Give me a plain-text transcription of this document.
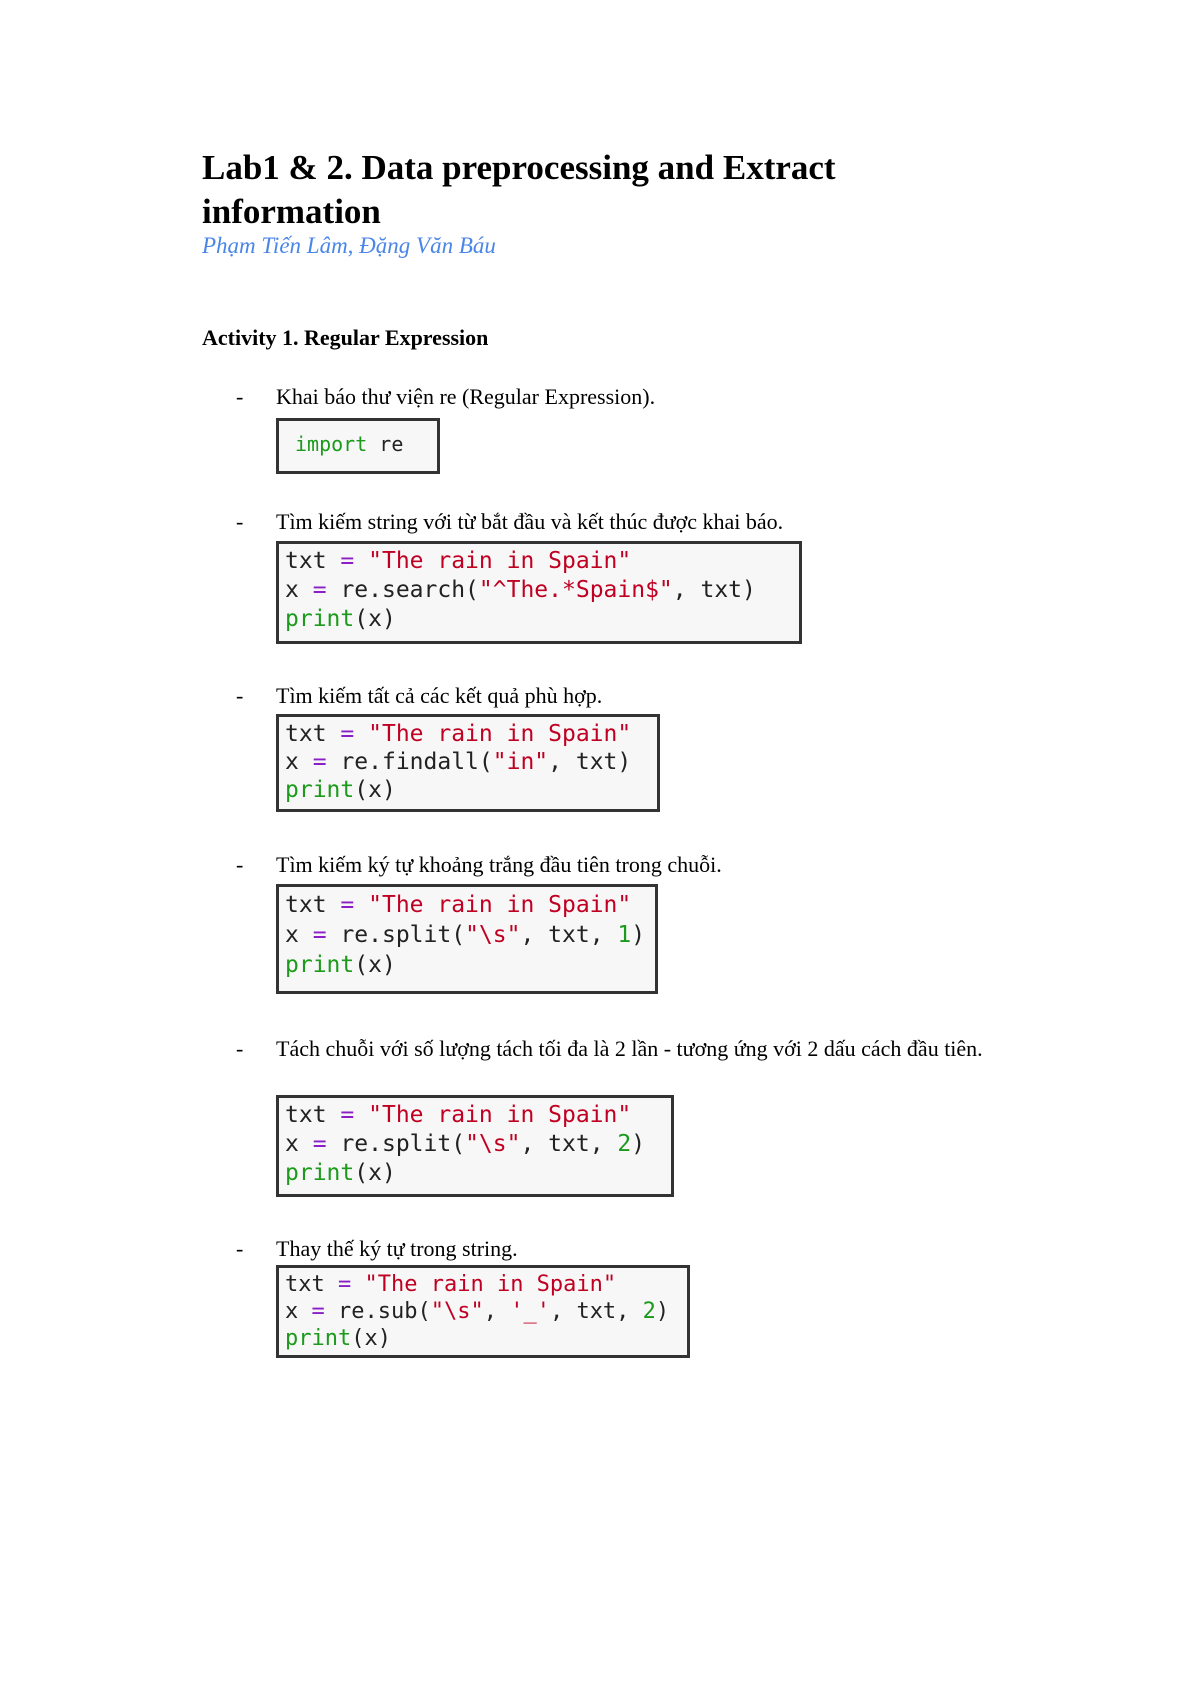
Lab1 & 2. Data preprocessing and Extract information
Phạm Tiến Lâm, Đặng Văn Báu
Activity 1. Regular Expression
- Khai báo thư viện re (Regular Expression).
import re
- Tìm kiếm string với từ bắt đầu và kết thúc được khai báo.
txt = "The rain in Spain"
x = re.search("^The.*Spain$", txt)
print(x)
- Tìm kiếm tất cả các kết quả phù hợp.
txt = "The rain in Spain"
x = re.findall("in", txt)
print(x)
- Tìm kiếm ký tự khoảng trắng đầu tiên trong chuỗi.
txt = "The rain in Spain"
x = re.split("\s", txt, 1)
print(x)
- Tách chuỗi với số lượng tách tối đa là 2 lần - tương ứng với 2 dấu cách đầu tiên.
txt = "The rain in Spain"
x = re.split("\s", txt, 2)
print(x)
- Thay thế ký tự trong string.
txt = "The rain in Spain"
x = re.sub("\s", '_', txt, 2)
print(x)
